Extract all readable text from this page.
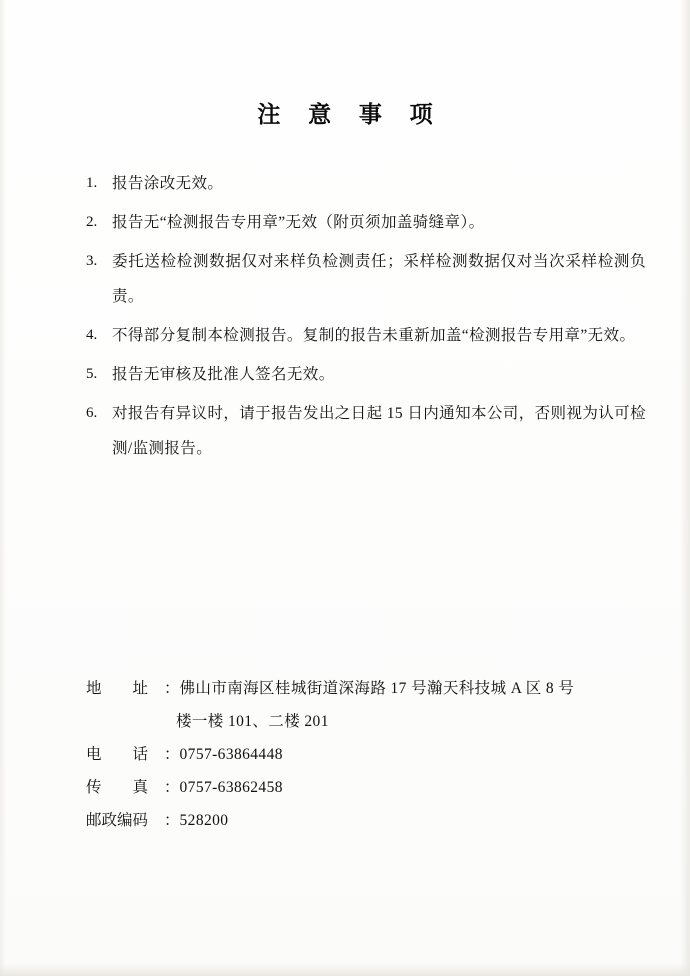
注 意 事 项
1. 报告涂改无效。
2. 报告无“检测报告专用章”无效（附页须加盖骑缝章）。
3. 委托送检检测数据仅对来样负检测责任；采样检测数据仅对当次采样检测负责。
4. 不得部分复制本检测报告。复制的报告未重新加盖“检测报告专用章”无效。
5. 报告无审核及批准人签名无效。
6. 对报告有异议时，请于报告发出之日起 15 日内通知本公司，否则视为认可检测/监测报告。
地　　址	： 佛山市南海区桂城街道深海路 17 号瀚天科技城 A 区 8 号
楼一楼 101、二楼 201
电　　话	： 0757-63864448
传　　真	： 0757-63862458
邮政编码	： 528200
